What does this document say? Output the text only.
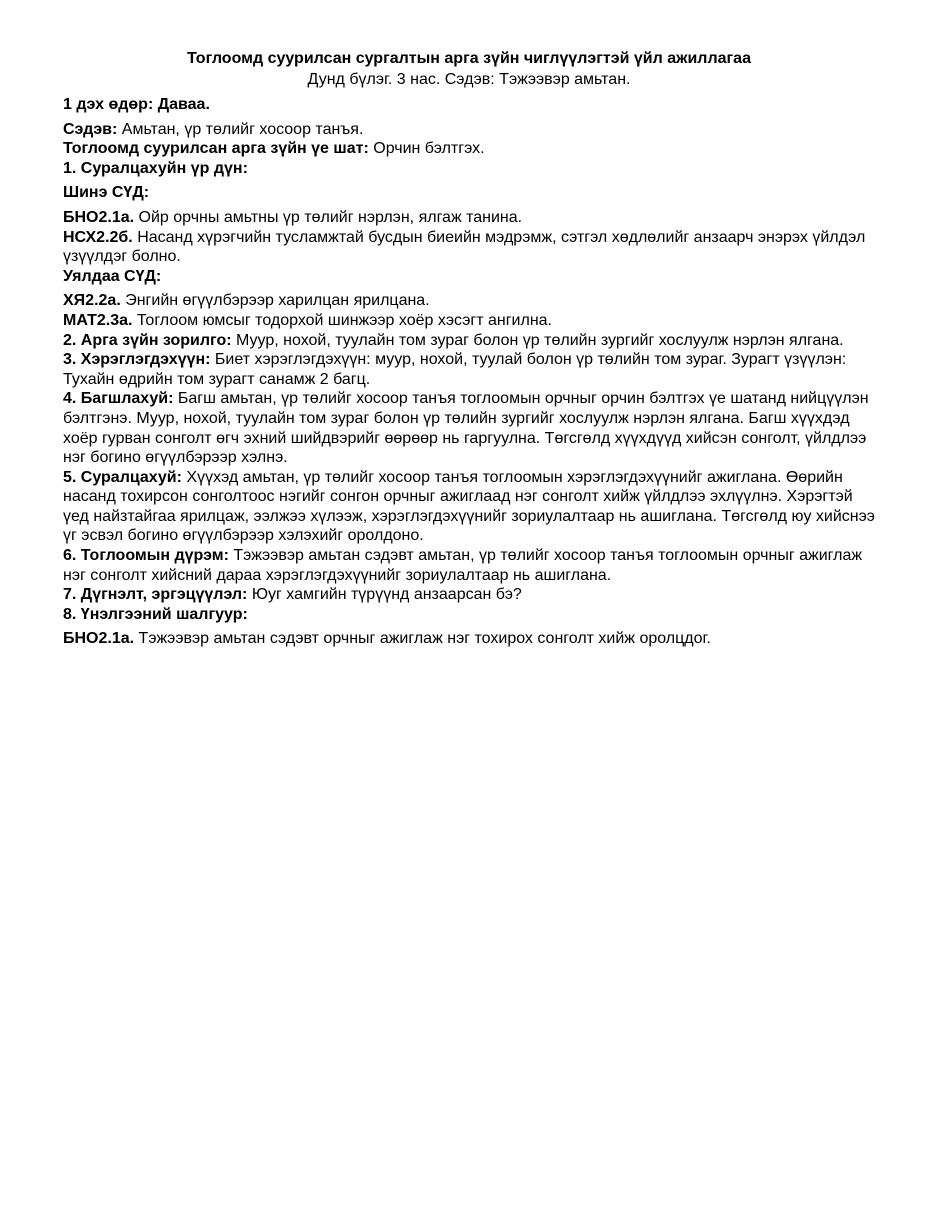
Тоглоомд суурилсан сургалтын арга зүйн чиглүүлэгтэй үйл ажиллагаа

Дунд бүлэг. 3 нас. Сэдэв: Тэжээвэр амьтан.

1 дэх өдөр: Даваа.

Сэдэв: Амьтан, үр төлийг хосоор танъя.

Тоглоомд суурилсан арга зүйн үе шат: Орчин бэлтгэх.

1. Суралцахуйн үр дүн:

Шинэ СҮД:

БНО2.1а. Ойр орчны амьтны үр төлийг нэрлэн, ялгаж танина.

НСХ2.2б. Насанд хүрэгчийн тусламжтай бусдын биеийн мэдрэмж, сэтгэл хөдлөлийг анзаарч энэрэх үйлдэл үзүүлдэг болно.

Уялдаа СҮД:

ХЯ2.2а. Энгийн өгүүлбэрээр харилцан ярилцана.

МАТ2.3а. Тоглоом юмсыг тодорхой шинжээр хоёр хэсэгт ангилна.

2. Арга зүйн зорилго: Муур, нохой, туулайн том зураг болон үр төлийн зургийг хослуулж нэрлэн ялгана.

3. Хэрэглэгдэхүүн: Биет хэрэглэгдэхүүн: муур, нохой, туулай болон үр төлийн том зураг. Зурагт үзүүлэн: Тухайн өдрийн том зурагт санамж 2 багц.

4. Багшлахуй: Багш амьтан, үр төлийг хосоор танъя тоглоомын орчныг орчин бэлтгэх үе шатанд нийцүүлэн бэлтгэнэ. Муур, нохой, туулайн том зураг болон үр төлийн зургийг хослуулж нэрлэн ялгана. Багш хүүхдэд хоёр гурван сонголт өгч эхний шийдвэрийг өөрөөр нь гаргуулна. Төгсгөлд хүүхдүүд хийсэн сонголт, үйлдлээ нэг богино өгүүлбэрээр хэлнэ.

5. Суралцахуй: Хүүхэд амьтан, үр төлийг хосоор танъя тоглоомын хэрэглэгдэхүүнийг ажиглана. Өөрийн насанд тохирсон сонголтоос нэгийг сонгон орчныг ажиглаад нэг сонголт хийж үйлдлээ эхлүүлнэ. Хэрэгтэй үед найзтайгаа ярилцаж, ээлжээ хүлээж, хэрэглэгдэхүүнийг зориулалтаар нь ашиглана. Төгсгөлд юу хийснээ үг эсвэл богино өгүүлбэрээр хэлэхийг оролдоно.

6. Тоглоомын дүрэм: Тэжээвэр амьтан сэдэвт амьтан, үр төлийг хосоор танъя тоглоомын орчныг ажиглаж нэг сонголт хийсний дараа хэрэглэгдэхүүнийг зориулалтаар нь ашиглана.

7. Дүгнэлт, эргэцүүлэл: Юуг хамгийн түрүүнд анзаарсан бэ?

8. Үнэлгээний шалгуур:

БНО2.1а. Тэжээвэр амьтан сэдэвт орчныг ажиглаж нэг тохирох сонголт хийж оролцдог.
